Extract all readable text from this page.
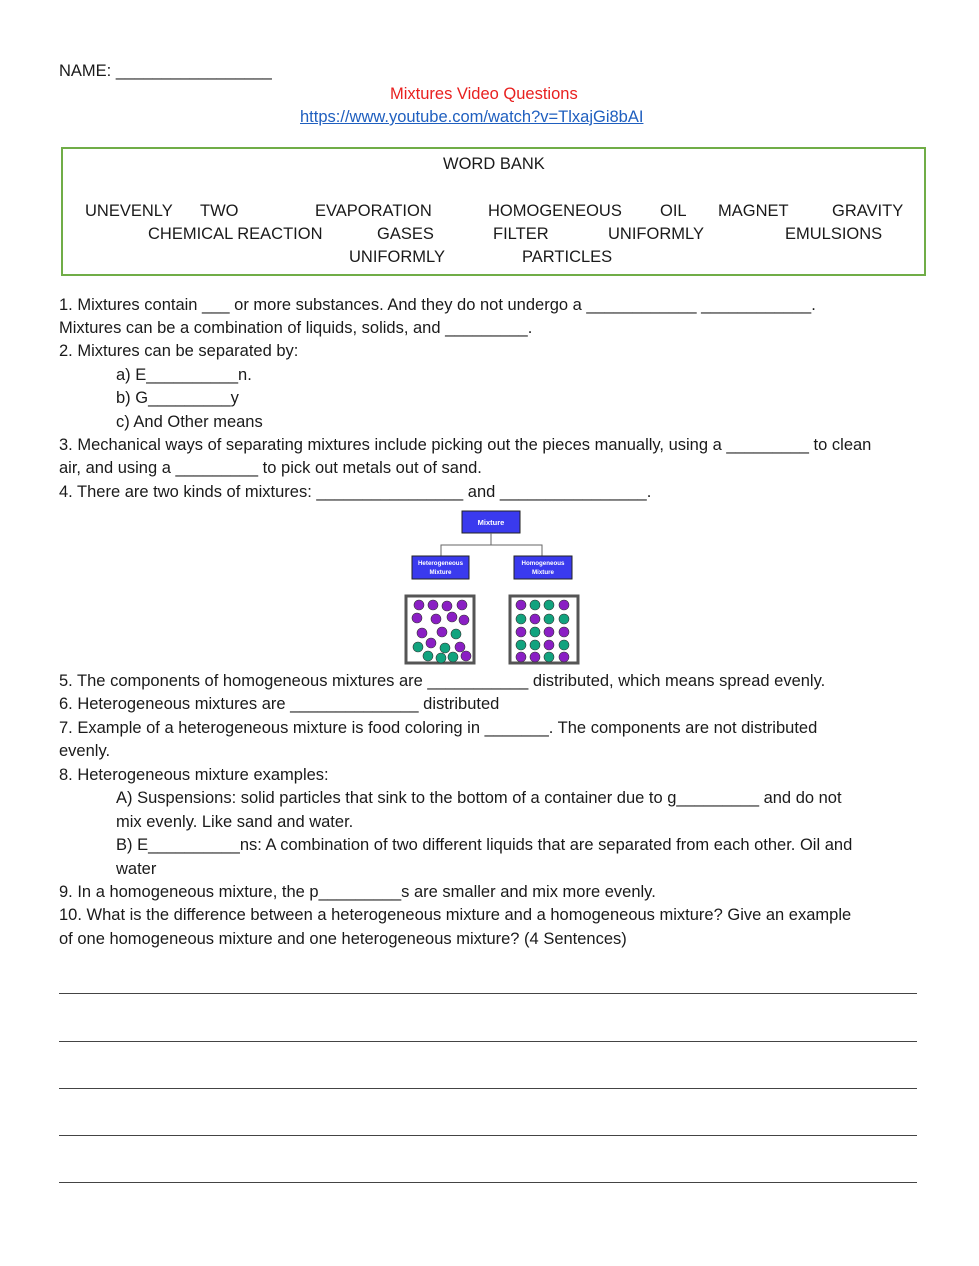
NAME: _________________
Mixtures Video Questions
https://www.youtube.com/watch?v=TlxajGi8bAI
WORD BANK
UNEVENLY TWO	EVAPORATION	HOMOGENEOUS OIL MAGNET	GRAVITY
CHEMICAL REACTION	GASES	FILTER	UNIFORMLY	EMULSIONS
UNIFORMLY	PARTICLES
1. Mixtures contain ___ or more substances. And they do not undergo a ____________ ____________.
Mixtures can be a combination of liquids, solids, and _________.
2. Mixtures can be separated by:
a) E__________n.
b) G_________y
c) And Other means
3. Mechanical ways of separating mixtures include picking out the pieces manually, using a _________ to clean
air, and using a _________ to pick out metals out of sand.
4. There are two kinds of mixtures: ________________ and ________________.
Mixture
Heterogeneous
Mixture
Homogeneous
Mixture
5. The components of homogeneous mixtures are ___________ distributed, which means spread evenly.
6. Heterogeneous mixtures are ______________ distributed
7. Example of a heterogeneous mixture is food coloring in _______. The components are not distributed
evenly.
8. Heterogeneous mixture examples:
A) Suspensions: solid particles that sink to the bottom of a container due to g_________ and do not
mix evenly. Like sand and water.
B) E__________ns: A combination of two different liquids that are separated from each other. Oil and
water
9. In a homogeneous mixture, the p_________s are smaller and mix more evenly.
10. What is the difference between a heterogeneous mixture and a homogeneous mixture? Give an example
of one homogeneous mixture and one heterogeneous mixture? (4 Sentences)
